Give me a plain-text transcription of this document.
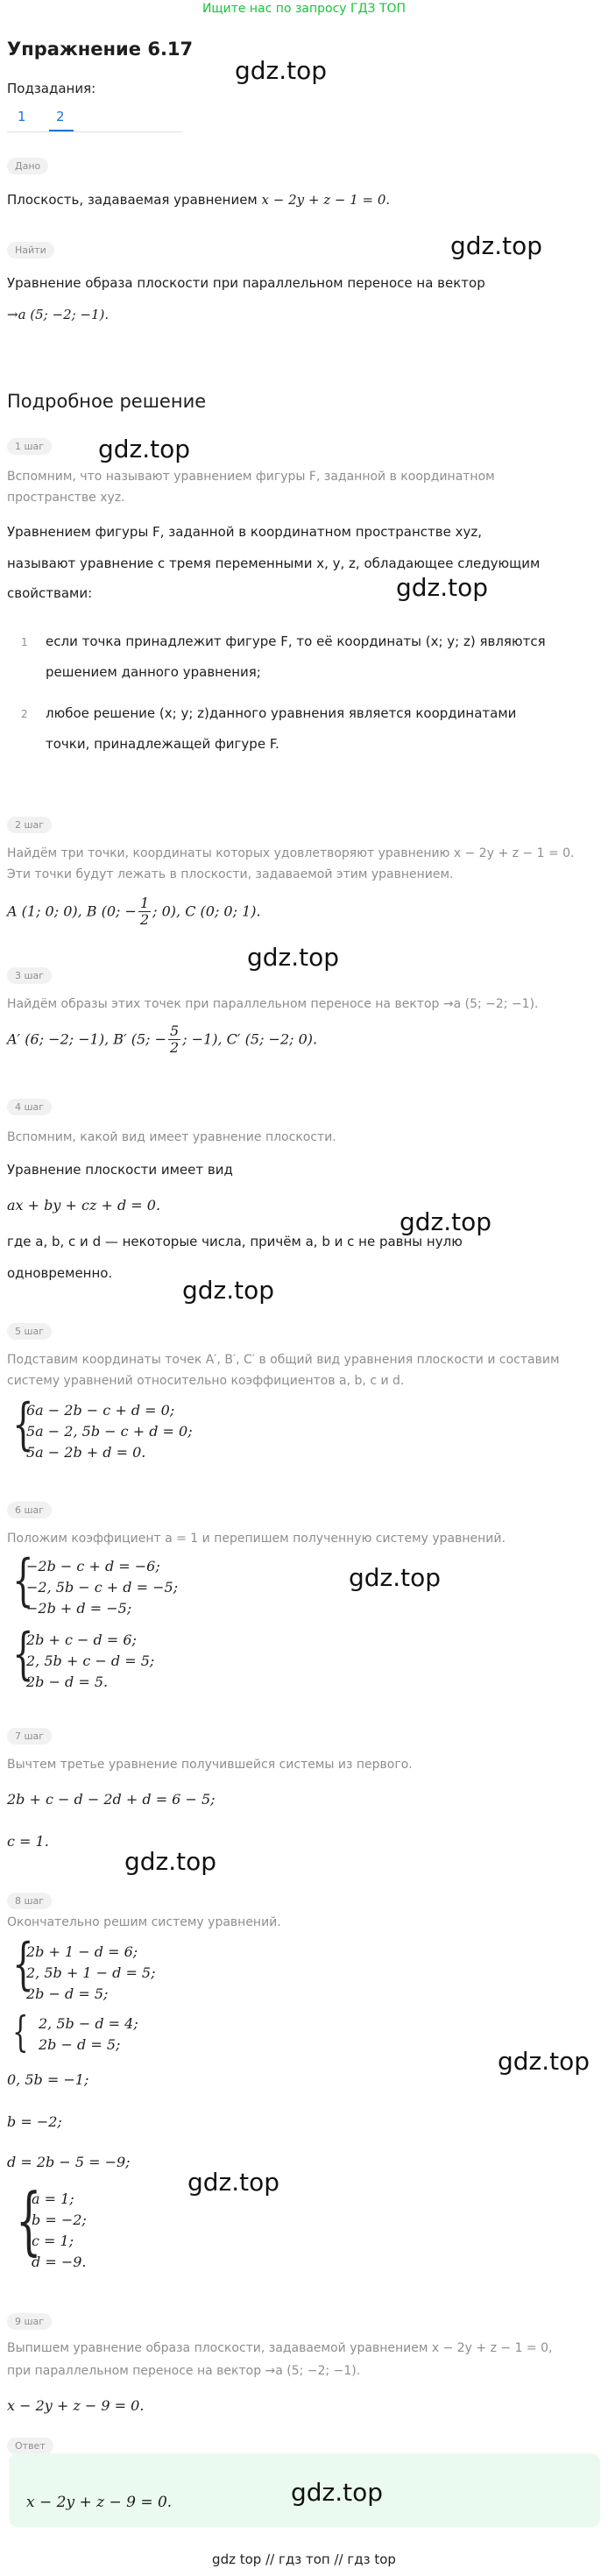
Ищите нас по запросу ГДЗ ТОП
Упражнение 6.17
Подзадания:
1 2
Дано
Плоскость, задаваемая уравнением x − 2y + z − 1 = 0.
Найти
Уравнение образа плоскости при параллельном переносе на вектор
→a (5; −2; −1).
Подробное решение
1 шаг
Вспомним, что называют уравнением фигуры F, заданной в координатном
пространстве xyz.
Уравнением фигуры F, заданной в координатном пространстве xyz,
называют уравнение с тремя переменными x, y, z, обладающее следующим
свойствами:
1 если точка принадлежит фигуре F, то её координаты (x; y; z) являются
решением данного уравнения;
2 любое решение (x; y; z)данного уравнения является координатами
точки, принадлежащей фигуре F.
2 шаг
Найдём три точки, координаты которых удовлетворяют уравнению x − 2y + z − 1 = 0.
Эти точки будут лежать в плоскости, задаваемой этим уравнением.
A (1; 0; 0), B (0; − $\frac{1}{2}$ ; 0), C (0; 0; 1).
3 шаг
Найдём образы этих точек при параллельном переносе на вектор →a (5; −2; −1).
A′ (6; −2; −1), B′ (5; − $\frac{5}{2}$ ; −1), C′ (5; −2; 0).
4 шаг
Вспомним, какой вид имеет уравнение плоскости.
Уравнение плоскости имеет вид
ax + by + cz + d = 0.
где a, b, c и d — некоторые числа, причём a, b и c не равны нулю
одновременно.
5 шаг
Подставим координаты точек A′, B′, C′ в общий вид уравнения плоскости и составим
систему уравнений относительно коэффициентов a, b, c и d.
{
6a − 2b − c + d = 0;
5a − 2, 5b − c + d = 0;
5a − 2b + d = 0.
6 шаг
Положим коэффициент a = 1 и перепишем полученную систему уравнений.
{
−2b − c + d = −6;
−2, 5b − c + d = −5;
−2b + d = −5;
{
2b + c − d = 6;
2, 5b + c − d = 5;
2b − d = 5.
7 шаг
Вычтем третье уравнение получившейся системы из первого.
2b + c − d − 2d + d = 6 − 5;
c = 1.
8 шаг
Окончательно решим систему уравнений.
{
2b + 1 − d = 6;
2, 5b + 1 − d = 5;
2b − d = 5;
{ 2, 5b − d = 4;
2b − d = 5;
0, 5b = −1;
b = −2;
d = 2b − 5 = −9;
{
a = 1;
b = −2;
c = 1;
d = −9.
9 шаг
Выпишем уравнение образа плоскости, задаваемой уравнением x − 2y + z − 1 = 0,
при параллельном переносе на вектор →a (5; −2; −1).
x − 2y + z − 9 = 0.
Ответ
x − 2y + z − 9 = 0.
gdz.top
gdz.top
gdz.top
gdz.top
gdz.top
gdz.top
gdz.top
gdz.top
gdz.top
gdz.top
gdz.top
gdz.top
gdz top // гдз топ // гдз top
